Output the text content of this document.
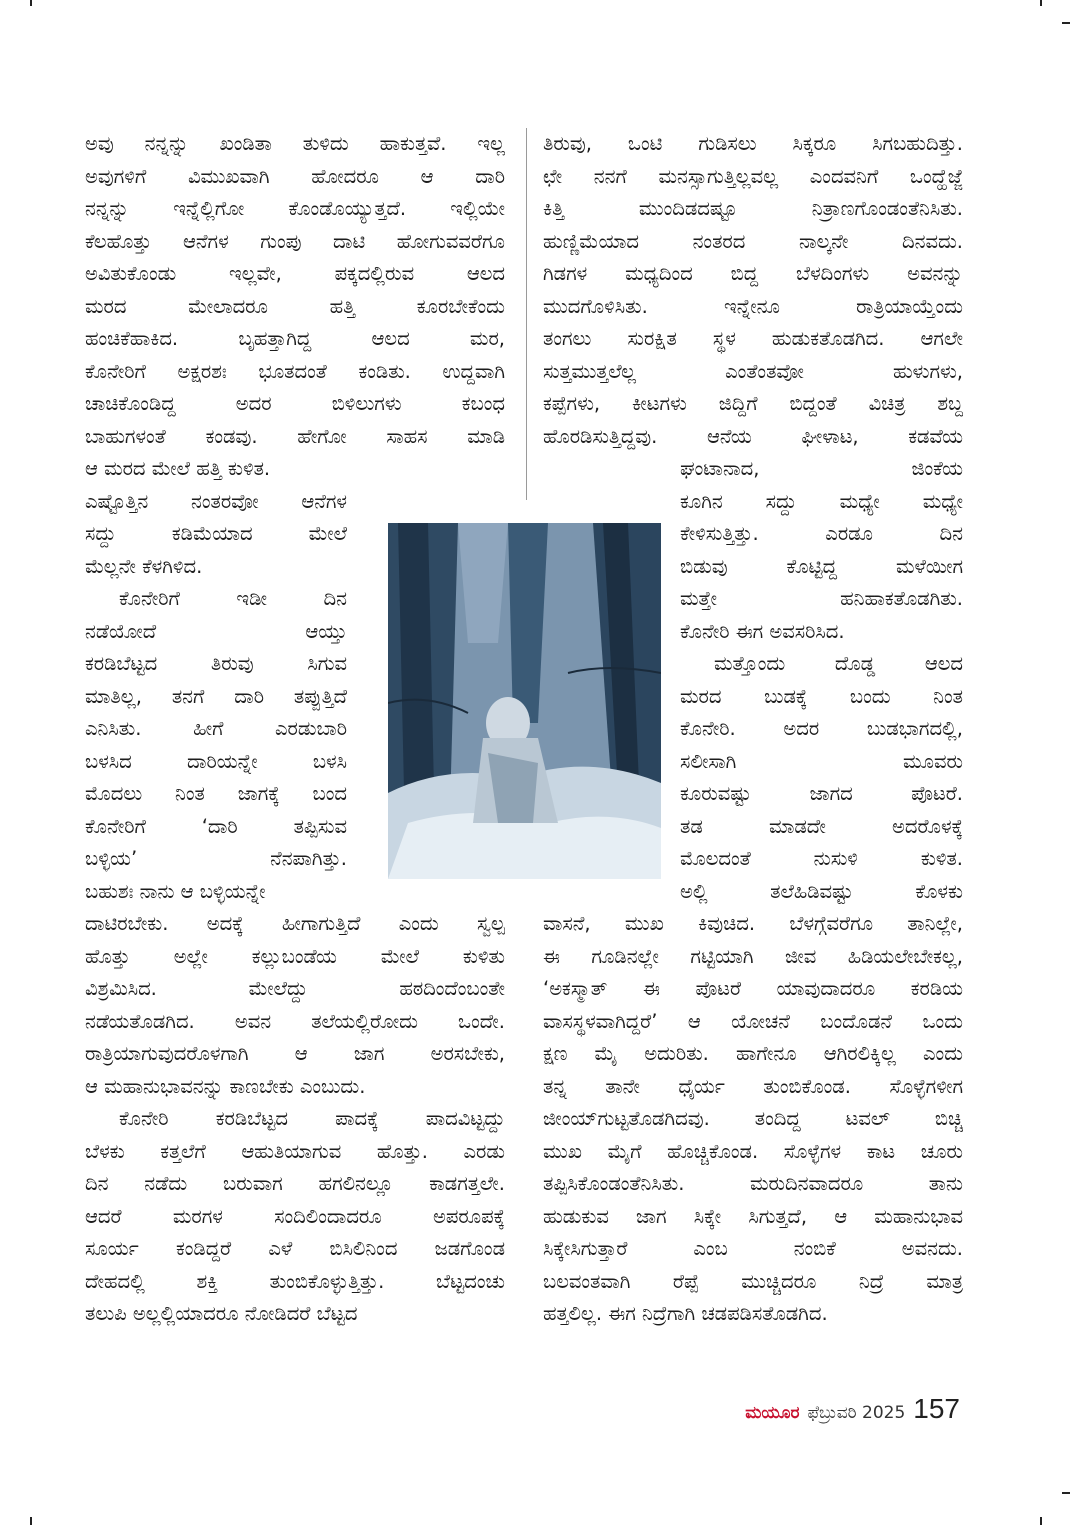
ಅವು ನನ್ನನ್ನು ಖಂಡಿತಾ ತುಳಿದು ಹಾಕುತ್ತವೆ. ಇಲ್ಲ
ಅವುಗಳಿಗೆ ವಿಮುಖವಾಗಿ ಹೋದರೂ ಆ ದಾರಿ
ನನ್ನನ್ನು ಇನ್ನೆಲ್ಲಿಗೋ ಕೊಂಡೊಯ್ಯುತ್ತದೆ. ಇಲ್ಲಿಯೇ
ಕೆಲಹೊತ್ತು ಆನೆಗಳ ಗುಂಪು ದಾಟಿ ಹೋಗುವವರೆಗೂ
ಅವಿತುಕೊಂಡು ಇಲ್ಲವೇ, ಪಕ್ಕದಲ್ಲಿರುವ ಆಲದ
ಮರದ ಮೇಲಾದರೂ ಹತ್ತಿ ಕೂರಬೇಕೆಂದು
ಹಂಚಿಕೆಹಾಕಿದ. ಬೃಹತ್ತಾಗಿದ್ದ ಆಲದ ಮರ,
ಕೊನೇರಿಗೆ ಅಕ್ಷರಶಃ ಭೂತದಂತೆ ಕಂಡಿತು. ಉದ್ದವಾಗಿ
ಚಾಚಿಕೊಂಡಿದ್ದ ಅದರ ಬಿಳಿಲುಗಳು ಕಬಂಧ
ಬಾಹುಗಳಂತೆ ಕಂಡವು. ಹೇಗೋ ಸಾಹಸ ಮಾಡಿ
ಆ ಮರದ ಮೇಲೆ ಹತ್ತಿ ಕುಳಿತ.
ಎಷ್ಟೊತ್ತಿನ ನಂತರವೋ ಆನೆಗಳ
ಸದ್ದು ಕಡಿಮೆಯಾದ ಮೇಲೆ
ಮೆಲ್ಲನೇ ಕೆಳಗಿಳಿದ.
ಕೊನೇರಿಗೆ ಇಡೀ ದಿನ
ನಡೆಯೋದೆ ಆಯ್ತು
ಕರಡಿಬೆಟ್ಟದ ತಿರುವು ಸಿಗುವ
ಮಾತಿಲ್ಲ, ತನಗೆ ದಾರಿ ತಪ್ಪುತ್ತಿದೆ
ಎನಿಸಿತು. ಹೀಗೆ ಎರಡುಬಾರಿ
ಬಳಸಿದ ದಾರಿಯನ್ನೇ ಬಳಸಿ
ಮೊದಲು ನಿಂತ ಜಾಗಕ್ಕೆ ಬಂದ
ಕೊನೇರಿಗೆ ‘ದಾರಿ ತಪ್ಪಿಸುವ
ಬಳ್ಳಿಯ’ ನೆನಪಾಗಿತ್ತು.
ಬಹುಶಃ ನಾನು ಆ ಬಳ್ಳಿಯನ್ನೇ
ದಾಟಿರಬೇಕು. ಅದಕ್ಕೆ ಹೀಗಾಗುತ್ತಿದೆ ಎಂದು ಸ್ವಲ್ಪ
ಹೊತ್ತು ಅಲ್ಲೇ ಕಲ್ಲುಬಂಡೆಯ ಮೇಲೆ ಕುಳಿತು
ವಿಶ್ರಮಿಸಿದ. ಮೇಲೆದ್ದು ಹಠದಿಂದೆಂಬಂತೇ
ನಡೆಯತೊಡಗಿದ. ಅವನ ತಲೆಯಲ್ಲಿರೋದು ಒಂದೇ.
ರಾತ್ರಿಯಾಗುವುದರೊಳಗಾಗಿ ಆ ಜಾಗ ಅರಸಬೇಕು,
ಆ ಮಹಾನುಭಾವನನ್ನು ಕಾಣಬೇಕು ಎಂಬುದು.
ಕೊನೇರಿ ಕರಡಿಬೆಟ್ಟದ ಪಾದಕ್ಕೆ ಪಾದವಿಟ್ಟದ್ದು
ಬೆಳಕು ಕತ್ತಲೆಗೆ ಆಹುತಿಯಾಗುವ ಹೊತ್ತು. ಎರಡು
ದಿನ ನಡೆದು ಬರುವಾಗ ಹಗಲಿನಲ್ಲೂ ಕಾಡಗತ್ತಲೇ.
ಆದರೆ ಮರಗಳ ಸಂದಿಲಿಂದಾದರೂ ಅಪರೂಪಕ್ಕೆ
ಸೂರ್ಯ ಕಂಡಿದ್ದರೆ ಎಳೆ ಬಿಸಿಲಿನಿಂದ ಜಡಗೊಂಡ
ದೇಹದಲ್ಲಿ ಶಕ್ತಿ ತುಂಬಿಕೊಳ್ಳುತ್ತಿತ್ತು. ಬೆಟ್ಟದಂಚು
ತಲುಪಿ ಅಲ್ಲಲ್ಲಿಯಾದರೂ ನೋಡಿದರೆ ಬೆಟ್ಟದ
ತಿರುವು, ಒಂಟಿ ಗುಡಿಸಲು ಸಿಕ್ಕರೂ ಸಿಗಬಹುದಿತ್ತು.
ಛೇ ನನಗೆ ಮನಸ್ಸಾಗುತ್ತಿಲ್ಲವಲ್ಲ ಎಂದವನಿಗೆ ಒಂದ್ಹೆಜ್ಜೆ
ಕಿತ್ತಿ ಮುಂದಿಡದಷ್ಟೂ ನಿತ್ರಾಣಗೊಂಡಂತೆನಿಸಿತು.
ಹುಣ್ಣಿಮೆಯಾದ ನಂತರದ ನಾಲ್ಕನೇ ದಿನವದು.
ಗಿಡಗಳ ಮಧ್ಯದಿಂದ ಬಿದ್ದ ಬೆಳದಿಂಗಳು ಅವನನ್ನು
ಮುದಗೊಳಿಸಿತು. ಇನ್ನೇನೂ ರಾತ್ರಿಯಾಯ್ತೆಂದು
ತಂಗಲು ಸುರಕ್ಷಿತ ಸ್ಥಳ ಹುಡುಕತೊಡಗಿದ. ಆಗಲೇ
ಸುತ್ತಮುತ್ತಲೆಲ್ಲ ಎಂತೆಂತವೋ ಹುಳುಗಳು,
ಕಪ್ಪೆಗಳು, ಕೀಟಗಳು ಜಿದ್ದಿಗೆ ಬಿದ್ದಂತೆ ವಿಚಿತ್ರ ಶಬ್ದ
ಹೊರಡಿಸುತ್ತಿದ್ದವು. ಆನೆಯ ಘೀಳಾಟ, ಕಡವೆಯ
ಘಂಟಾನಾದ, ಜಿಂಕೆಯ
ಕೂಗಿನ ಸದ್ದು ಮಧ್ಯೇ ಮಧ್ಯೇ
ಕೇಳಿಸುತ್ತಿತ್ತು. ಎರಡೂ ದಿನ
ಬಿಡುವು ಕೊಟ್ಟಿದ್ದ ಮಳೆಯೀಗ
ಮತ್ತೇ ಹನಿಹಾಕತೊಡಗಿತು.
ಕೊನೇರಿ ಈಗ ಅವಸರಿಸಿದ.
ಮತ್ತೊಂದು ದೊಡ್ಡ ಆಲದ
ಮರದ ಬುಡಕ್ಕೆ ಬಂದು ನಿಂತ
ಕೊನೇರಿ. ಅದರ ಬುಡಭಾಗದಲ್ಲಿ,
ಸಲೀಸಾಗಿ ಮೂವರು
ಕೂರುವಷ್ಟು ಜಾಗದ ಪೊಟರೆ.
ತಡ ಮಾಡದೇ ಅದರೊಳಕ್ಕೆ
ಮೊಲದಂತೆ ನುಸುಳಿ ಕುಳಿತ.
ಅಲ್ಲಿ ತಲೆಹಿಡಿವಷ್ಟು ಕೊಳಕು
ವಾಸನೆ, ಮುಖ ಕಿವುಚಿದ. ಬೆಳಗ್ಗೆವರೆಗೂ ತಾನಿಲ್ಲೇ,
ಈ ಗೂಡಿನಲ್ಲೇ ಗಟ್ಟಿಯಾಗಿ ಜೀವ ಹಿಡಿಯಲೇಬೇಕಲ್ಲ,
‘ಅಕಸ್ಮಾತ್ ಈ ಪೊಟರೆ ಯಾವುದಾದರೂ ಕರಡಿಯ
ವಾಸಸ್ಥಳವಾಗಿದ್ದರೆ’ ಆ ಯೋಚನೆ ಬಂದೊಡನೆ ಒಂದು
ಕ್ಷಣ ಮೈ ಅದುರಿತು. ಹಾಗೇನೂ ಆಗಿರಲಿಕ್ಕಿಲ್ಲ ಎಂದು
ತನ್ನ ತಾನೇ ಧೈರ್ಯ ತುಂಬಿಕೊಂಡ. ಸೊಳ್ಳೆಗಳೀಗ
ಜೀಂಯ್‌ಗುಟ್ಟತೊಡಗಿದವು. ತಂದಿದ್ದ ಟವಲ್ ಬಿಚ್ಚಿ
ಮುಖ ಮೈಗೆ ಹೊಚ್ಚಿಕೊಂಡ. ಸೊಳ್ಳೆಗಳ ಕಾಟ ಚೂರು
ತಪ್ಪಿಸಿಕೊಂಡಂತೆನಿಸಿತು. ಮರುದಿನವಾದರೂ ತಾನು
ಹುಡುಕುವ ಜಾಗ ಸಿಕ್ಕೇ ಸಿಗುತ್ತದೆ, ಆ ಮಹಾನುಭಾವ
ಸಿಕ್ಕೇಸಿಗುತ್ತಾರೆ ಎಂಬ ನಂಬಿಕೆ ಅವನದು.
ಬಲವಂತವಾಗಿ ರೆಪ್ಪೆ ಮುಚ್ಚಿದರೂ ನಿದ್ರೆ ಮಾತ್ರ
ಹತ್ತಲಿಲ್ಲ. ಈಗ ನಿದ್ರೆಗಾಗಿ ಚಡಪಡಿಸತೊಡಗಿದ.
ಮಯೂರ ಫೆಬ್ರುವರಿ 2025 157
